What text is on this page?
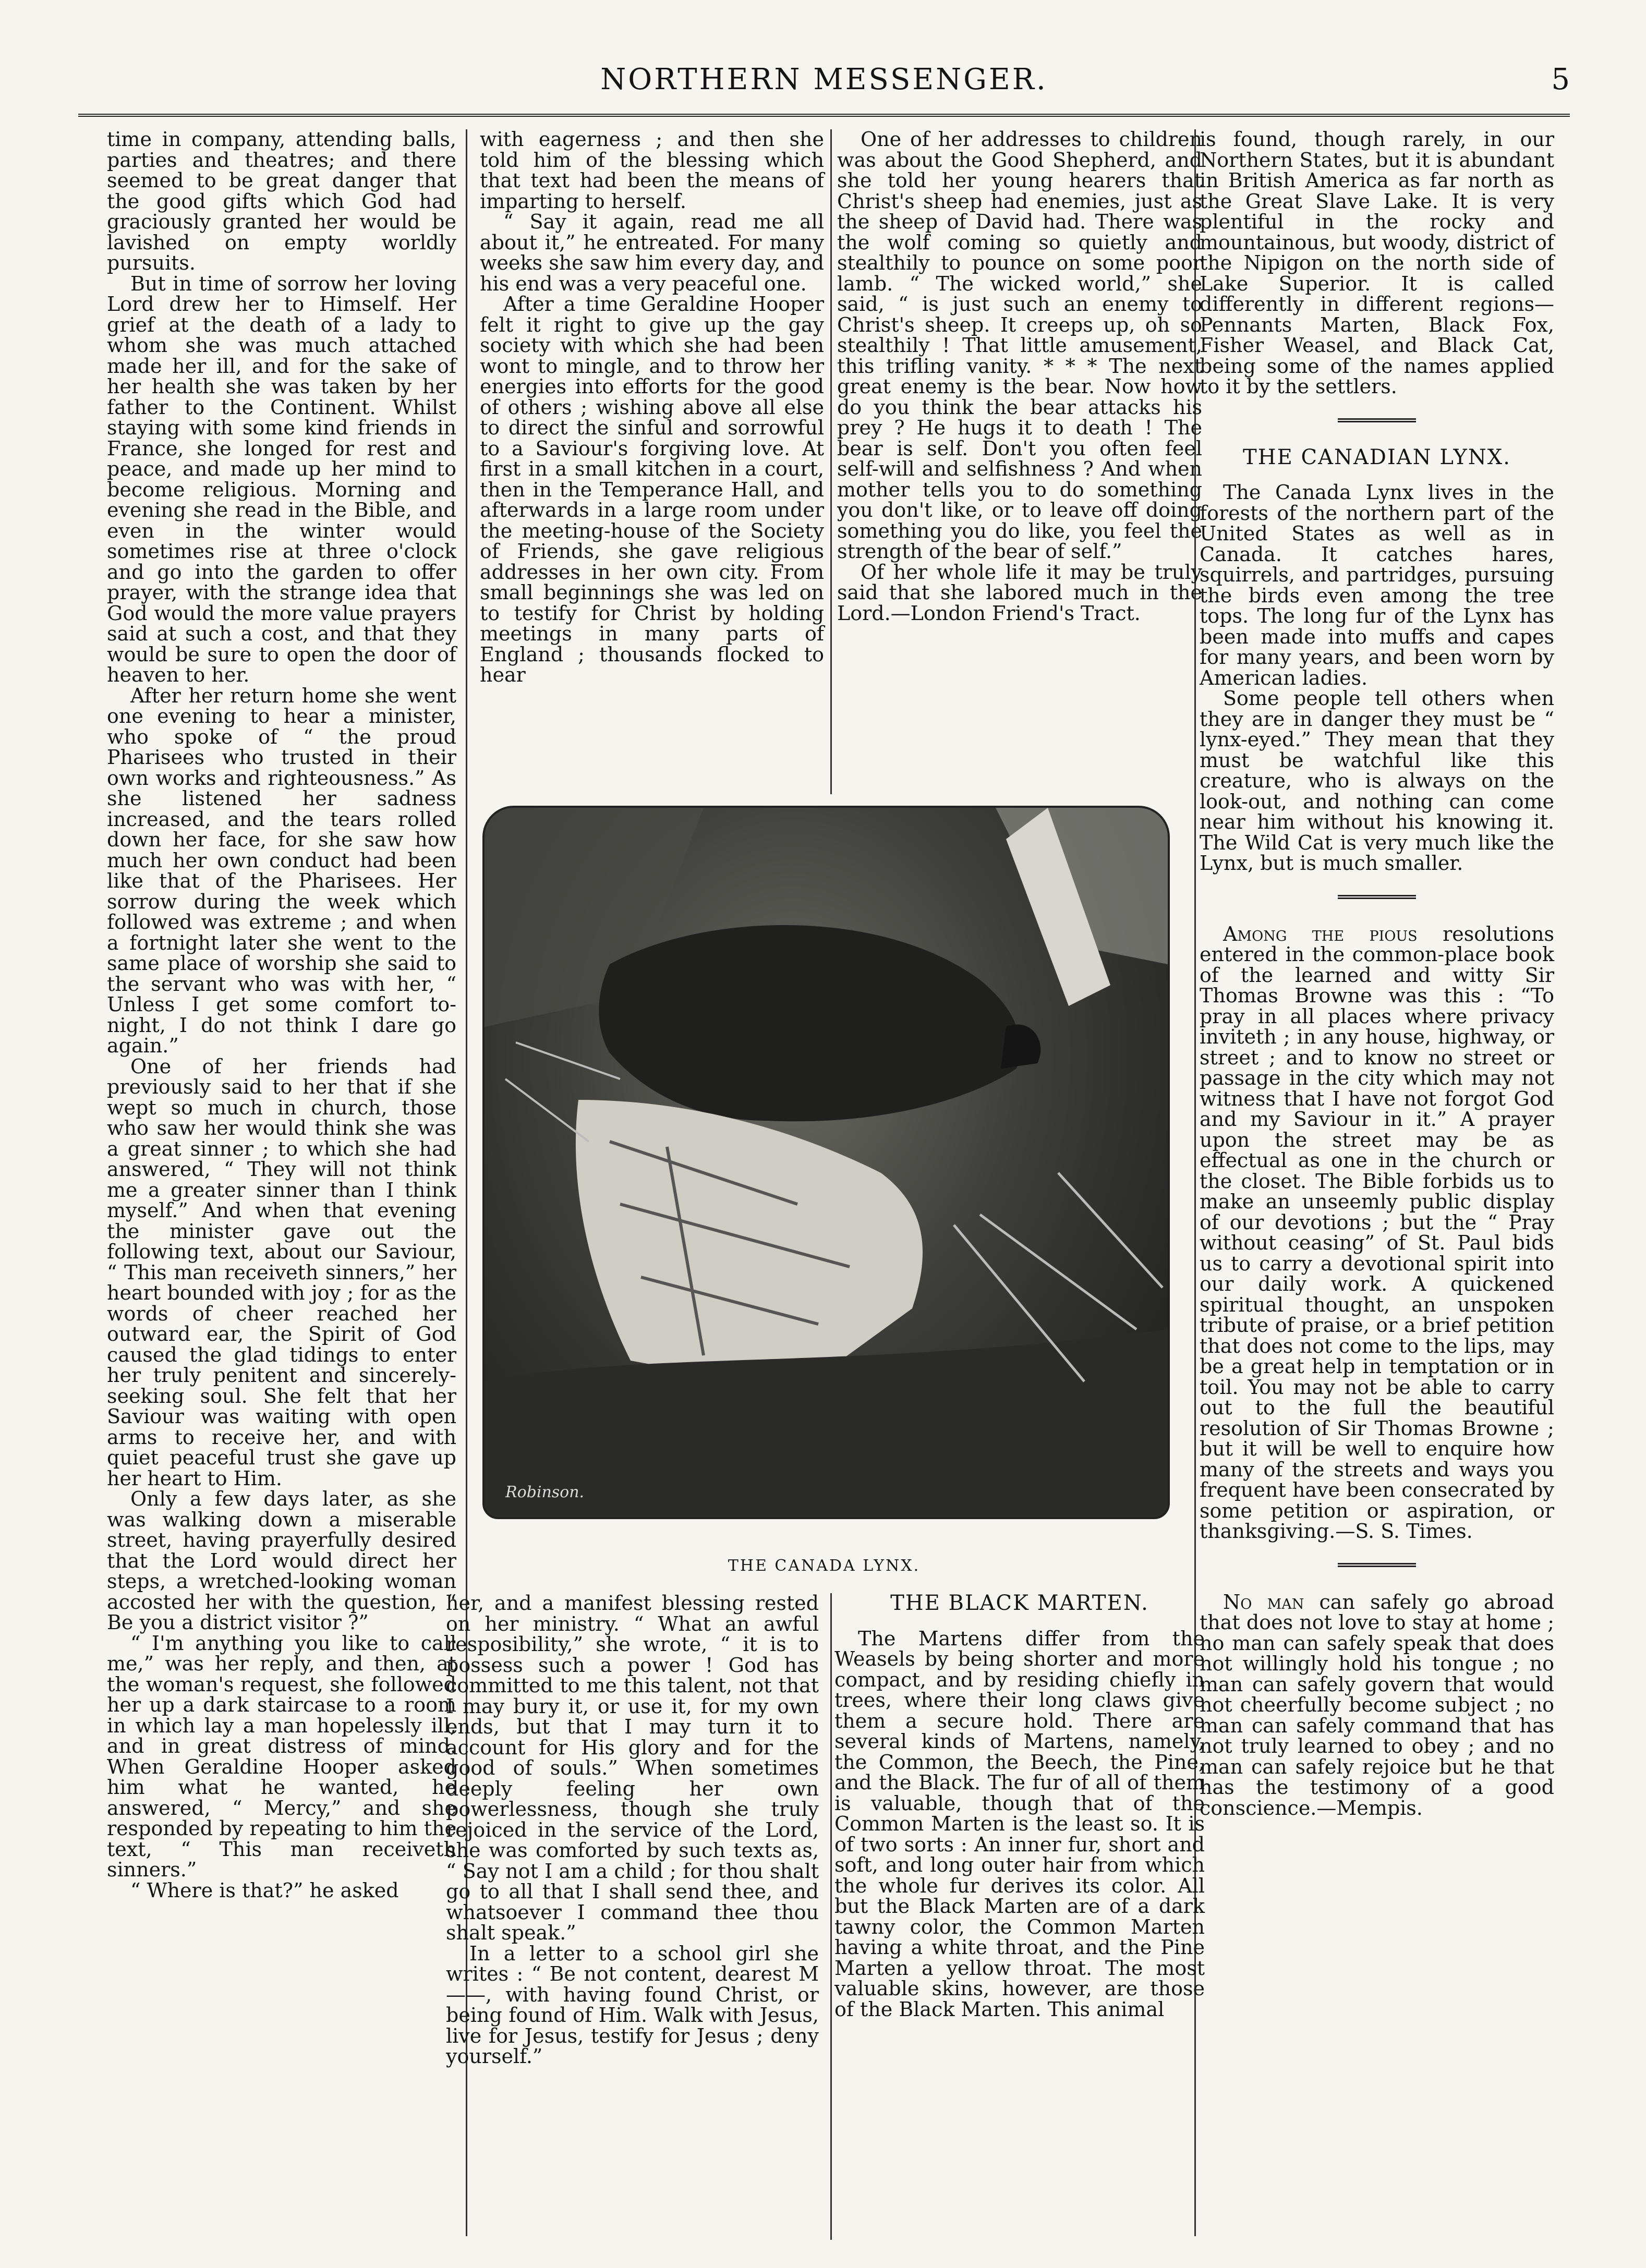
NORTHERN MESSENGER.	5

time in company, attending balls, parties and theatres; and there seemed to be great danger that the good gifts which God had graciously granted her would be lavished on empty worldly pursuits.

But in time of sorrow her loving Lord drew her to Himself. Her grief at the death of a lady to whom she was much attached made her ill, and for the sake of her health she was taken by her father to the Continent. Whilst staying with some kind friends in France, she longed for rest and peace, and made up her mind to become religious. Morning and evening she read in the Bible, and even in the winter would sometimes rise at three o'clock and go into the garden to offer prayer, with the strange idea that God would the more value prayers said at such a cost, and that they would be sure to open the door of heaven to her.

After her return home she went one evening to hear a minister, who spoke of “ the proud Pharisees who trusted in their own works and righteousness.” As she listened her sadness increased, and the tears rolled down her face, for she saw how much her own conduct had been like that of the Pharisees. Her sorrow during the week which followed was extreme ; and when a fortnight later she went to the same place of worship she said to the servant who was with her, “ Unless I get some comfort to-night, I do not think I dare go again.”

One of her friends had previously said to her that if she wept so much in church, those who saw her would think she was a great sinner ; to which she had answered, “ They will not think me a greater sinner than I think myself.” And when that evening the minister gave out the following text, about our Saviour, “ This man receiveth sinners,” her heart bounded with joy ; for as the words of cheer reached her outward ear, the Spirit of God caused the glad tidings to enter her truly penitent and sincerely-seeking soul. She felt that her Saviour was waiting with open arms to receive her, and with quiet peaceful trust she gave up her heart to Him.

Only a few days later, as she was walking down a miserable street, having prayerfully desired that the Lord would direct her steps, a wretched-looking woman accosted her with the question, “ Be you a district visitor ?”

“ I'm anything you like to call me,” was her reply, and then, at the woman's request, she followed her up a dark staircase to a room in which lay a man hopelessly ill, and in great distress of mind. When Geraldine Hooper asked him what he wanted, he answered, “ Mercy,” and she responded by repeating to him the text, “ This man receiveth sinners.”

“ Where is that?” he asked

with eagerness ; and then she told him of the blessing which that text had been the means of imparting to herself.

“ Say it again, read me all about it,” he entreated. For many weeks she saw him every day, and his end was a very peaceful one.

After a time Geraldine Hooper felt it right to give up the gay society with which she had been wont to mingle, and to throw her energies into efforts for the good of others ; wishing above all else to direct the sinful and sorrowful to a Saviour's forgiving love. At first in a small kitchen in a court, then in the Temperance Hall, and afterwards in a large room under the meeting-house of the Society of Friends, she gave religious addresses in her own city. From small beginnings she was led on to testify for Christ by holding meetings in many parts of England ; thousands flocked to hear

One of her addresses to children was about the Good Shepherd, and she told her young hearers that Christ's sheep had enemies, just as the sheep of David had. There was the wolf coming so quietly and stealthily to pounce on some poor lamb. “ The wicked world,” she said, “ is just such an enemy to Christ's sheep. It creeps up, oh so stealthily ! That little amusement, this trifling vanity. * * * The next great enemy is the bear. Now how do you think the bear attacks his prey ? He hugs it to death ! The bear is self. Don't you often feel self-will and selfishness ? And when mother tells you to do something you don't like, or to leave off doing something you do like, you feel the strength of the bear of self.”

Of her whole life it may be truly said that she labored much in the Lord.—London Friend's Tract.

Robinson.
THE CANADA LYNX.

her, and a manifest blessing rested on her ministry. “ What an awful resposibility,” she wrote, “ it is to possess such a power ! God has committed to me this talent, not that I may bury it, or use it, for my own ends, but that I may turn it to account for His glory and for the good of souls.” When sometimes deeply feeling her own powerlessness, though she truly rejoiced in the service of the Lord, she was comforted by such texts as, “ Say not I am a child ; for thou shalt go to all that I shall send thee, and whatsoever I command thee thou shalt speak.”

In a letter to a school girl she writes : “ Be not content, dearest M——, with having found Christ, or being found of Him. Walk with Jesus, live for Jesus, testify for Jesus ; deny yourself.”

THE BLACK MARTEN.

The Martens differ from the Weasels by being shorter and more compact, and by residing chiefly in trees, where their long claws give them a secure hold. There are several kinds of Martens, namely, the Common, the Beech, the Pine, and the Black. The fur of all of them is valuable, though that of the Common Marten is the least so. It is of two sorts : An inner fur, short and soft, and long outer hair from which the whole fur derives its color. All but the Black Marten are of a dark tawny color, the Common Marten having a white throat, and the Pine Marten a yellow throat. The most valuable skins, however, are those of the Black Marten. This animal

is found, though rarely, in our Northern States, but it is abundant in British America as far north as the Great Slave Lake. It is very plentiful in the rocky and mountainous, but woody, district of the Nipigon on the north side of Lake Superior. It is called differently in different regions—Pennants Marten, Black Fox, Fisher Weasel, and Black Cat, being some of the names applied to it by the settlers.

THE CANADIAN LYNX.

The Canada Lynx lives in the forests of the northern part of the United States as well as in Canada. It catches hares, squirrels, and partridges, pursuing the birds even among the tree tops. The long fur of the Lynx has been made into muffs and capes for many years, and been worn by American ladies.

Some people tell others when they are in danger they must be “ lynx-eyed.” They mean that they must be watchful like this creature, who is always on the look-out, and nothing can come near him without his knowing it. The Wild Cat is very much like the Lynx, but is much smaller.

Among the pious resolutions entered in the common-place book of the learned and witty Sir Thomas Browne was this : “To pray in all places where privacy inviteth ; in any house, highway, or street ; and to know no street or passage in the city which may not witness that I have not forgot God and my Saviour in it.” A prayer upon the street may be as effectual as one in the church or the closet. The Bible forbids us to make an unseemly public display of our devotions ; but the “ Pray without ceasing” of St. Paul bids us to carry a devotional spirit into our daily work. A quickened spiritual thought, an unspoken tribute of praise, or a brief petition that does not come to the lips, may be a great help in temptation or in toil. You may not be able to carry out to the full the beautiful resolution of Sir Thomas Browne ; but it will be well to enquire how many of the streets and ways you frequent have been consecrated by some petition or aspiration, or thanksgiving.—S. S. Times.

No man can safely go abroad that does not love to stay at home ; no man can safely speak that does not willingly hold his tongue ; no man can safely govern that would not cheerfully become subject ; no man can safely command that has not truly learned to obey ; and no man can safely rejoice but he that has the testimony of a good conscience.—Mempis.
